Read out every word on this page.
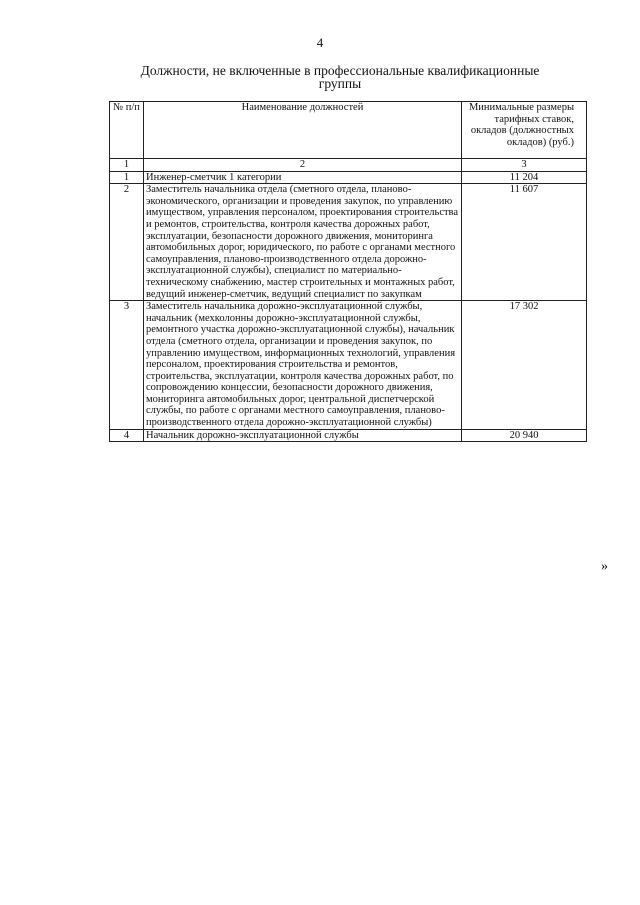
4
Должности, не включенные в профессиональные квалификационные
группы
№ п/п	Наименование должностей	Минимальные размеры тарифных ставок, окладов (должностных окладов) (руб.)
1	2	3
1	Инженер-сметчик 1 категории	11 204
2	Заместитель начальника отдела (сметного отдела, планово-экономического, организации и проведения закупок, по управлению имуществом, управления персоналом, проектирования строительства и ремонтов, строительства, контроля качества дорожных работ, эксплуатации, безопасности дорожного движения, мониторинга автомобильных дорог, юридического, по работе с органами местного самоуправления, планово-производственного отдела дорожно-эксплуатационной службы), специалист по материально-техническому снабжению, мастер строительных и монтажных работ, ведущий инженер-сметчик, ведущий специалист по закупкам	11 607
3	Заместитель начальника дорожно-эксплуатационной службы, начальник (мехколонны дорожно-эксплуатационной службы, ремонтного участка дорожно-эксплуатационной службы), начальник отдела (сметного отдела, организации и проведения закупок, по управлению имуществом, информационных технологий, управления персоналом, проектирования строительства и ремонтов, строительства, эксплуатации, контроля качества дорожных работ, по сопровождению концессии, безопасности дорожного движения, мониторинга автомобильных дорог, центральной диспетчерской службы, по работе с органами местного самоуправления, планово-производственного отдела дорожно-эксплуатационной службы)	17 302
4	Начальник дорожно-эксплуатационной службы	20 940
»
